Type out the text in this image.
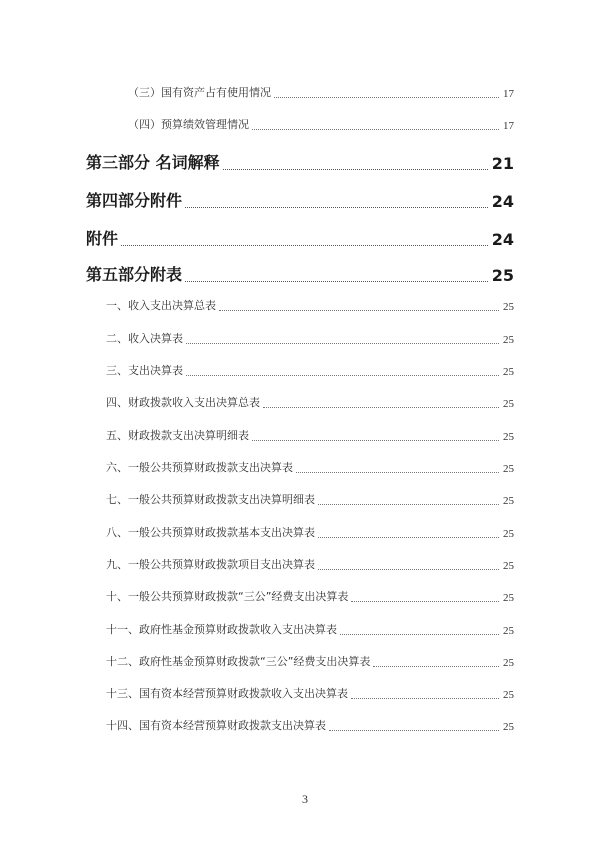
（三）国有资产占有使用情况	17
（四）预算绩效管理情况	17
第三部分 名词解释	21
第四部分附件	24
附件	24
第五部分附表	25
一、收入支出决算总表	25
二、收入决算表	25
三、支出决算表	25
四、财政拨款收入支出决算总表	25
五、财政拨款支出决算明细表	25
六、一般公共预算财政拨款支出决算表	25
七、一般公共预算财政拨款支出决算明细表	25
八、一般公共预算财政拨款基本支出决算表	25
九、一般公共预算财政拨款项目支出决算表	25
十、一般公共预算财政拨款“三公”经费支出决算表	25
十一、政府性基金预算财政拨款收入支出决算表	25
十二、政府性基金预算财政拨款“三公”经费支出决算表	25
十三、国有资本经营预算财政拨款收入支出决算表	25
十四、国有资本经营预算财政拨款支出决算表	25
3
